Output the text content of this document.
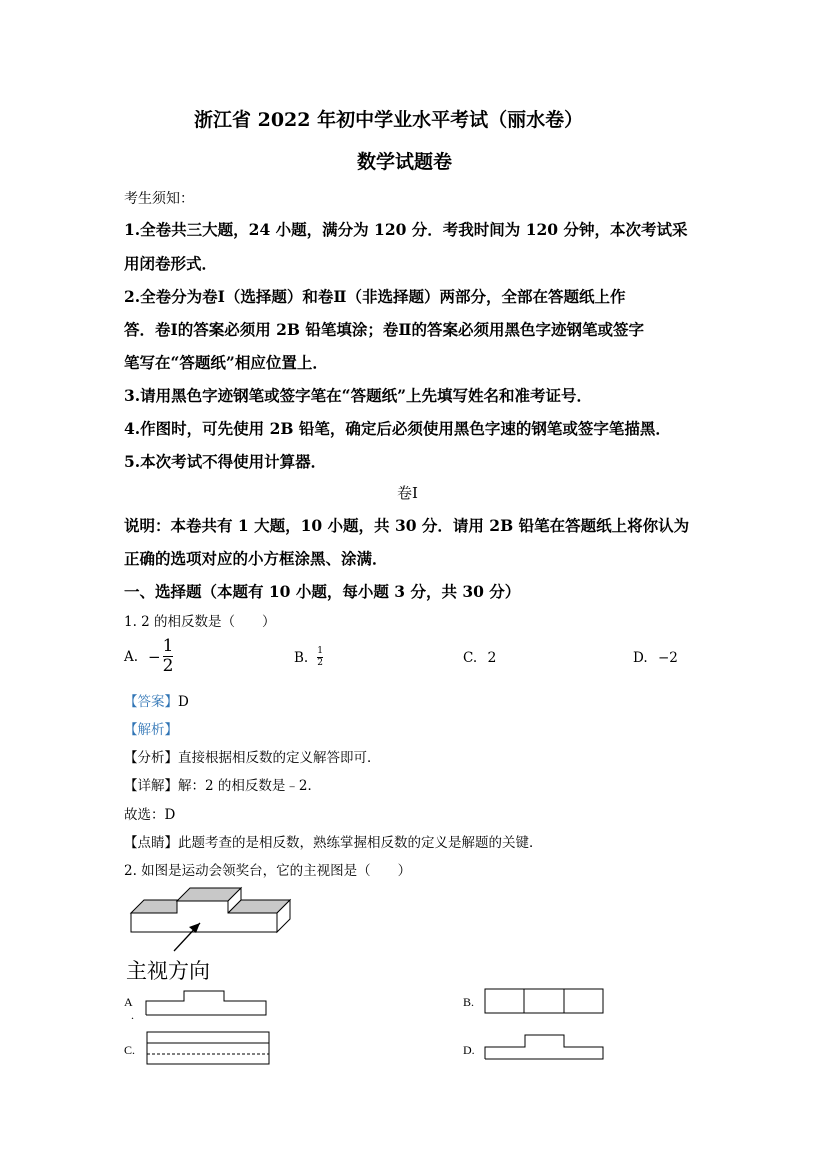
浙江省 2022 年初中学业水平考试（丽水卷）
数学试题卷
考生须知：
1.全卷共三大题，24 小题，满分为 120 分．考我时间为 120 分钟，本次考试采
用闭卷形式．
2.全卷分为卷Ⅰ（选择题）和卷Ⅱ（非选择题）两部分，全部在答题纸上作
答．卷Ⅰ的答案必须用 2B 铅笔填涂；卷Ⅱ的答案必须用黑色字迹钢笔或签字
笔写在“答题纸”相应位置上．
3.请用黑色字迹钢笔或签字笔在“答题纸”上先填写姓名和准考证号．
4.作图时，可先使用 2B 铅笔，确定后必须使用黑色字速的钢笔或签字笔描黑．
5.本次考试不得使用计算器．
卷Ⅰ
说明：本卷共有 1 大题，10 小题，共 30 分．请用 2B 铅笔在答题纸上将你认为
正确的选项对应的小方框涂黑、涂满．
一、选择题（本题有 10 小题，每小题 3 分，共 30 分）
1. 2 的相反数是（　　）
A. − $\frac{1}{2}$	B. $\frac{1}{2}$	C. 2	D. −2
【答案】D
【解析】
【分析】直接根据相反数的定义解答即可．
【详解】解：2 的相反数是﹣2．
故选：D
【点睛】此题考查的是相反数，熟练掌握相反数的定义是解题的关键．
2. 如图是运动会领奖台，它的主视图是（　　）
主视方向
A
.
B.
C.	D.
